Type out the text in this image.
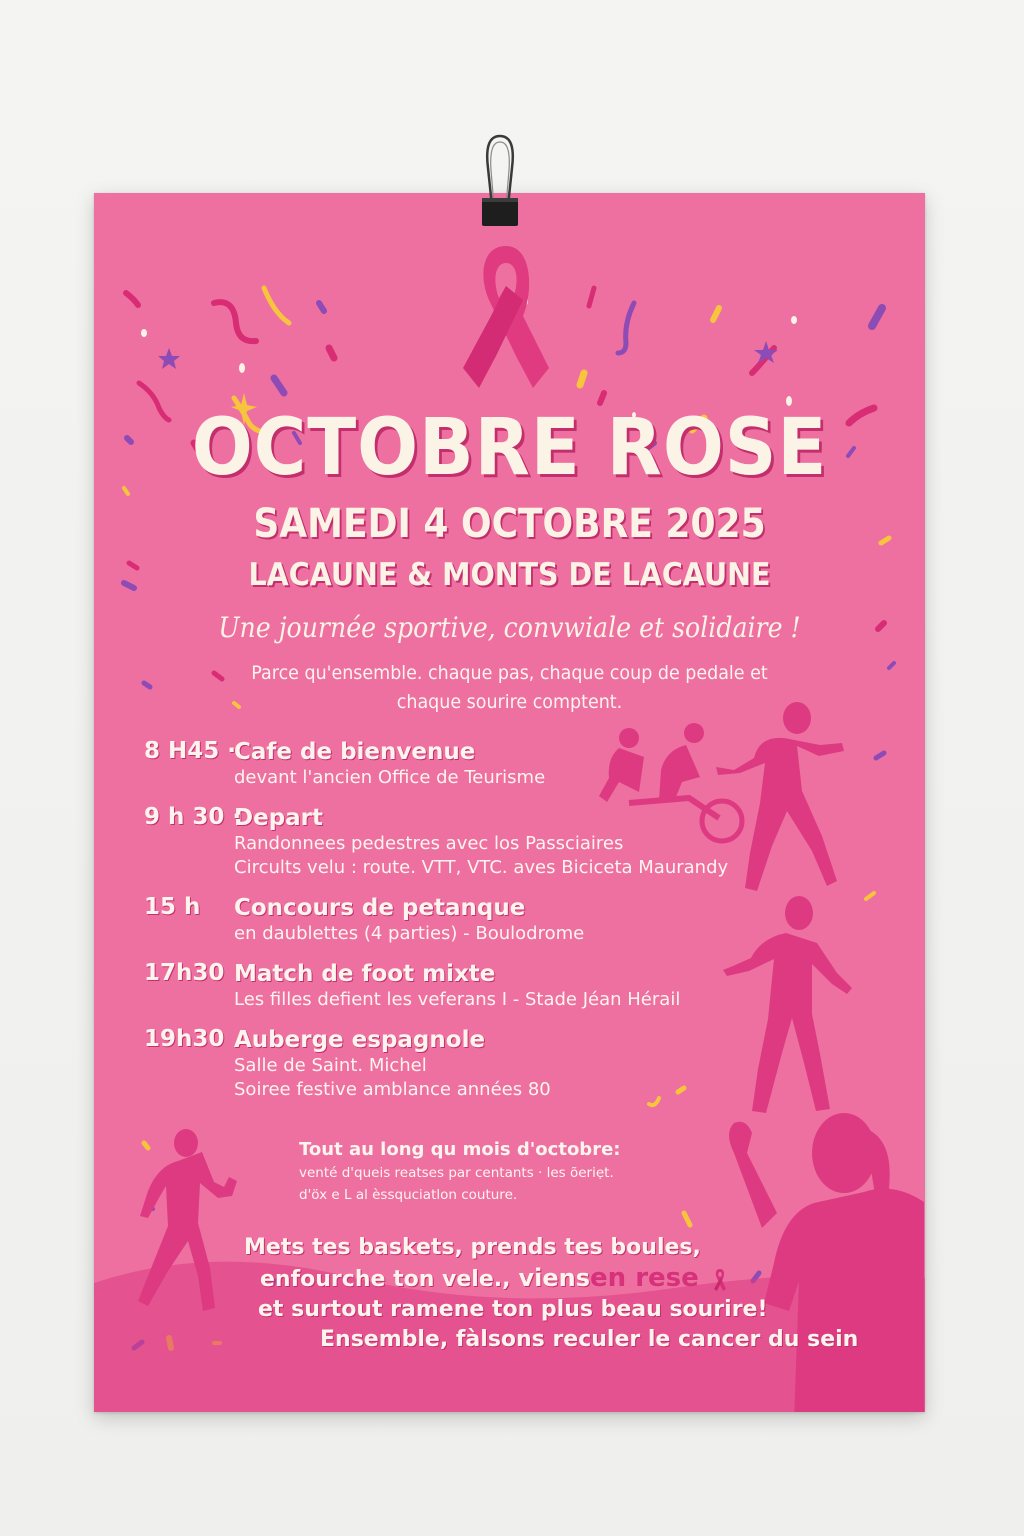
OCTOBRE ROSE
SAMEDI 4 OCTOBRE 2025
LACAUNE & MONTS DE LACAUNE
Une journée sportive, convwiale et solidaire !
Parce qu'ensemble. chaque pas, chaque coup de pedale et
chaque sourire comptent.
8 H45 ·
Cafe de bienvenue
devant l'ancien Office de Teurisme
9 h 30 ·
Depart
Randonnees pedestres avec los Passciaires
Circults velu : route. VTT, VTC. aves Biciceta Maurandy
15 h Concours de petanque
en daublettes (4 parties) - Boulodrome
17h30 Match de foot mixte
Les filles defient les veferans I - Stade Jéan Hérail
19h30 Auberge espagnole
Salle de Saint. Michel
Soiree festive amblance années 80
Tout au long qu mois d'octobre:
venté d'queis reatses par centants · les õeriẹt.
d'öx e L al èssquciatlon couture.
Mets tes baskets, prends tes boules,
enfourche ton vele., viensen rese
et surtout ramene ton plus beau sourire!
Ensemble, fàlsons reculer le cancer du sein
